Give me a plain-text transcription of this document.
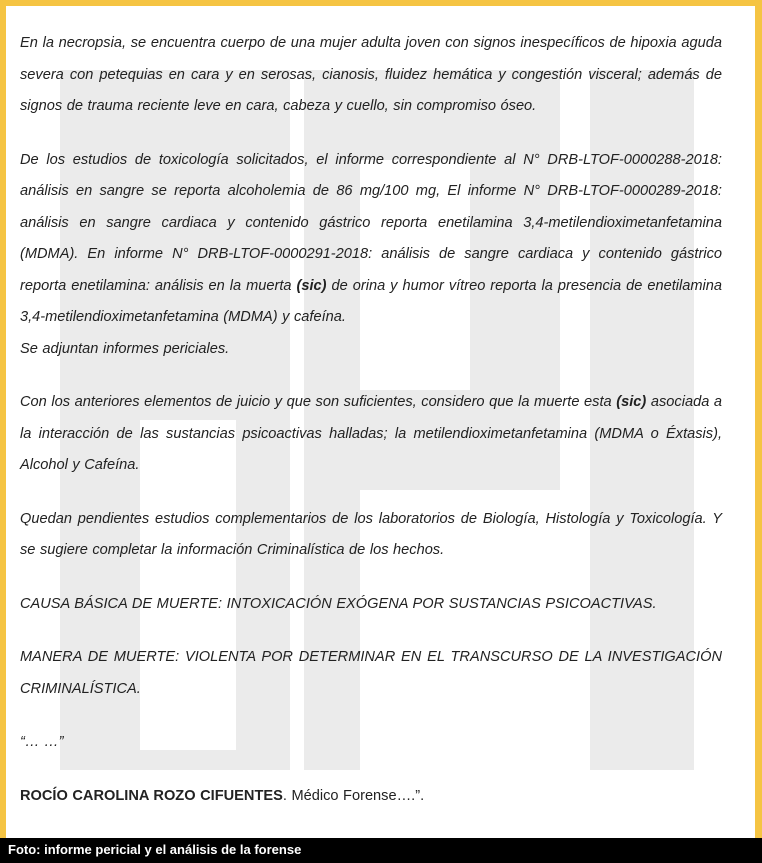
En la necropsia, se encuentra cuerpo de una mujer adulta joven con signos inespecíficos de hipoxia aguda severa con petequias en cara y en serosas, cianosis, fluidez hemática y congestión visceral; además de signos de trauma reciente leve en cara, cabeza y cuello, sin compromiso óseo.

De los estudios de toxicología solicitados, el informe correspondiente al N° DRB-LTOF-0000288-2018: análisis en sangre se reporta alcoholemia de 86 mg/100 mg, El informe N° DRB-LTOF-0000289-2018: análisis en sangre cardiaca y contenido gástrico reporta enetilamina 3,4-metilendioximetanfetamina (MDMA). En informe N° DRB-LTOF-0000291-2018: análisis de sangre cardiaca y contenido gástrico reporta enetilamina: análisis en la muerta (sic) de orina y humor vítreo reporta la presencia de enetilamina 3,4-metilendioximetanfetamina (MDMA) y cafeína.

Se adjuntan informes periciales.

Con los anteriores elementos de juicio y que son suficientes, considero que la muerte esta (sic) asociada a la interacción de las sustancias psicoactivas halladas; la metilendioximetanfetamina (MDMA o Éxtasis), Alcohol y Cafeína.

Quedan pendientes estudios complementarios de los laboratorios de Biología, Histología y Toxicología. Y se sugiere completar la información Criminalística de los hechos.

CAUSA BÁSICA DE MUERTE: INTOXICACIÓN EXÓGENA POR SUSTANCIAS PSICOACTIVAS.

MANERA DE MUERTE: VIOLENTA POR DETERMINAR EN EL TRANSCURSO DE LA INVESTIGACIÓN CRIMINALÍSTICA.

“… …”

ROCÍO CAROLINA ROZO CIFUENTES. Médico Forense….”.

Foto: informe pericial y el análisis de la forense
